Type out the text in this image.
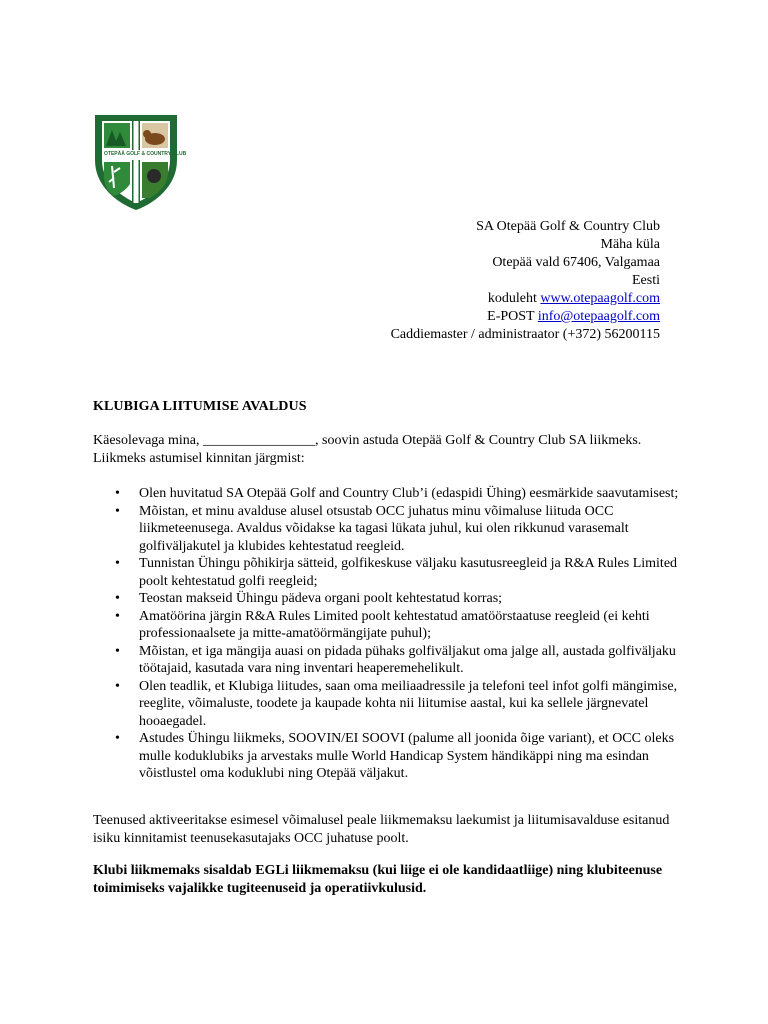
OTEPÄÄ GOLF & COUNTRY CLUB
SA Otepää Golf & Country Club
Mäha küla
Otepää vald 67406, Valgamaa
Eesti
koduleht www.otepaagolf.com
E-POST info@otepaagolf.com
Caddiemaster / administraator (+372) 56200115
KLUBIGA LIITUMISE AVALDUS

Käesolevaga mina, ________________, soovin astuda Otepää Golf & Country Club SA liikmeks. Liikmeks astumisel kinnitan järgmist:

• Olen huvitatud SA Otepää Golf and Country Club’i (edaspidi Ühing) eesmärkide saavutamisest;
• Mõistan, et minu avalduse alusel otsustab OCC juhatus minu võimaluse liituda OCC liikmeteenusega. Avaldus võidakse ka tagasi lükata juhul, kui olen rikkunud varasemalt golfiväljakutel ja klubides kehtestatud reegleid.
• Tunnistan Ühingu põhikirja sätteid, golfikeskuse väljaku kasutusreegleid ja R&A Rules Limited poolt kehtestatud golfi reegleid;
• Teostan makseid Ühingu pädeva organi poolt kehtestatud korras;
• Amatöörina järgin R&A Rules Limited poolt kehtestatud amatöörstaatuse reegleid (ei kehti professionaalsete ja mitte-amatöörmängijate puhul);
• Mõistan, et iga mängija auasi on pidada pühaks golfiväljakut oma jalge all, austada golfiväljaku töötajaid, kasutada vara ning inventari heaperemehelikult.
• Olen teadlik, et Klubiga liitudes, saan oma meiliaadressile ja telefoni teel infot golfi mängimise, reeglite, võimaluste, toodete ja kaupade kohta nii liitumise aastal, kui ka sellele järgnevatel hooaegadel.
• Astudes Ühingu liikmeks, SOOVIN/EI SOOVI (palume all joonida õige variant), et OCC oleks mulle koduklubiks ja arvestaks mulle World Handicap System händikäppi ning ma esindan võistlustel oma koduklubi ning Otepää väljakut.

Teenused aktiveeritakse esimesel võimalusel peale liikmemaksu laekumist ja liitumisavalduse esitanud isiku kinnitamist teenusekasutajaks OCC juhatuse poolt.

Klubi liikmemaks sisaldab EGLi liikmemaksu (kui liige ei ole kandidaatliige) ning klubiteenuse toimimiseks vajalikke tugiteenuseid ja operatiivkulusid.
